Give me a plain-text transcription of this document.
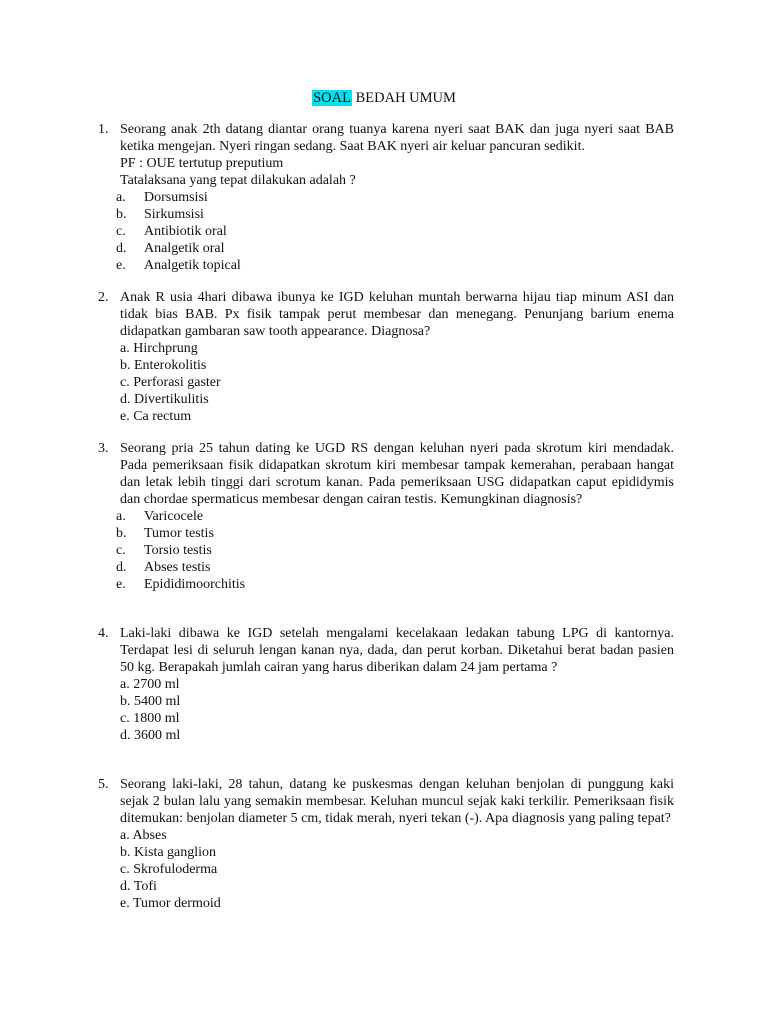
SOAL BEDAH UMUM
1. Seorang anak 2th datang diantar orang tuanya karena nyeri saat BAK dan juga nyeri saat BAB ketika mengejan. Nyeri ringan sedang. Saat BAK nyeri air keluar pancuran sedikit.
PF : OUE tertutup preputium
Tatalaksana yang tepat dilakukan adalah ?
a. Dorsumsisi
b. Sirkumsisi
c. Antibiotik oral
d. Analgetik oral
e. Analgetik topical
2. Anak R usia 4hari dibawa ibunya ke IGD keluhan muntah berwarna hijau tiap minum ASI dan tidak bias BAB. Px fisik tampak perut membesar dan menegang. Penunjang barium enema didapatkan gambaran saw tooth appearance. Diagnosa?
a. Hirchprung
b. Enterokolitis
c. Perforasi gaster
d. Divertikulitis
e. Ca rectum
3. Seorang pria 25 tahun dating ke UGD RS dengan keluhan nyeri pada skrotum kiri mendadak. Pada pemeriksaan fisik didapatkan skrotum kiri membesar tampak kemerahan, perabaan hangat dan letak lebih tinggi dari scrotum kanan. Pada pemeriksaan USG didapatkan caput epididymis dan chordae spermaticus membesar dengan cairan testis. Kemungkinan diagnosis?
a. Varicocele
b. Tumor testis
c. Torsio testis
d. Abses testis
e. Epididimoorchitis
4. Laki-laki dibawa ke IGD setelah mengalami kecelakaan ledakan tabung LPG di kantornya. Terdapat lesi di seluruh lengan kanan nya, dada, dan perut korban. Diketahui berat badan pasien 50 kg. Berapakah jumlah cairan yang harus diberikan dalam 24 jam pertama ?
a. 2700 ml
b. 5400 ml
c. 1800 ml
d. 3600 ml
5. Seorang laki-laki, 28 tahun, datang ke puskesmas dengan keluhan benjolan di punggung kaki sejak 2 bulan lalu yang semakin membesar. Keluhan muncul sejak kaki terkilir. Pemeriksaan fisik ditemukan: benjolan diameter 5 cm, tidak merah, nyeri tekan (-). Apa diagnosis yang paling tepat?
a. Abses
b. Kista ganglion
c. Skrofuloderma
d. Tofi
e. Tumor dermoid
